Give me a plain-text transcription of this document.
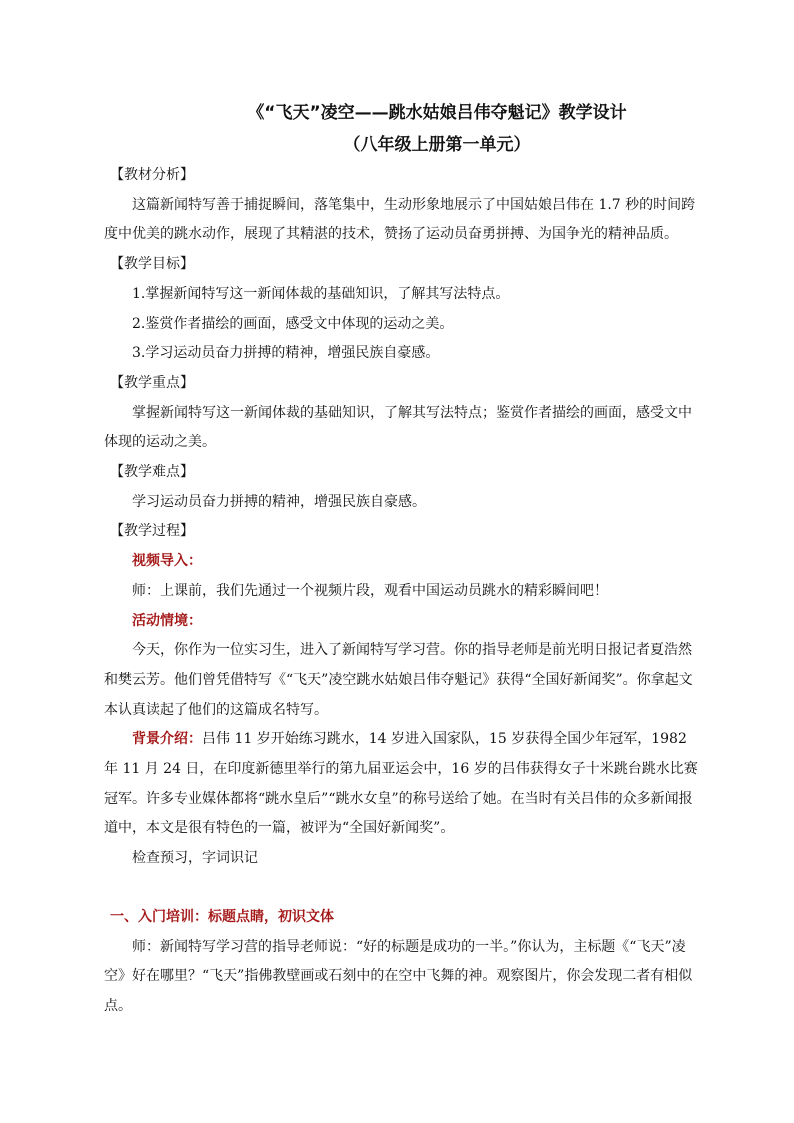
《“飞天”凌空——跳水姑娘吕伟夺魁记》教学设计
（八年级上册第一单元）

【教材分析】

这篇新闻特写善于捕捉瞬间，落笔集中，生动形象地展示了中国姑娘吕伟在 1.7 秒的时间跨度中优美的跳水动作，展现了其精湛的技术，赞扬了运动员奋勇拼搏、为国争光的精神品质。

【教学目标】

1.掌握新闻特写这一新闻体裁的基础知识，了解其写法特点。

2.鉴赏作者描绘的画面，感受文中体现的运动之美。

3.学习运动员奋力拼搏的精神，增强民族自豪感。

【教学重点】

掌握新闻特写这一新闻体裁的基础知识，了解其写法特点；鉴赏作者描绘的画面，感受文中体现的运动之美。

【教学难点】

学习运动员奋力拼搏的精神，增强民族自豪感。

【教学过程】

视频导入：

师：上课前，我们先通过一个视频片段，观看中国运动员跳水的精彩瞬间吧！

活动情境：

今天，你作为一位实习生，进入了新闻特写学习营。你的指导老师是前光明日报记者夏浩然和樊云芳。他们曾凭借特写《“飞天”凌空跳水姑娘吕伟夺魁记》获得“全国好新闻奖”。你拿起文本认真读起了他们的这篇成名特写。

背景介绍：吕伟 11 岁开始练习跳水，14 岁进入国家队，15 岁获得全国少年冠军，1982 年 11 月 24 日，在印度新德里举行的第九届亚运会中，16 岁的吕伟获得女子十米跳台跳水比赛冠军。许多专业媒体都将“跳水皇后”“跳水女皇”的称号送给了她。在当时有关吕伟的众多新闻报道中，本文是很有特色的一篇，被评为“全国好新闻奖”。

检查预习，字词识记

一、入门培训：标题点睛，初识文体

师：新闻特写学习营的指导老师说：“好的标题是成功的一半。”你认为，主标题《“飞天”凌空》好在哪里？“飞天”指佛教壁画或石刻中的在空中飞舞的神。观察图片，你会发现二者有相似点。
